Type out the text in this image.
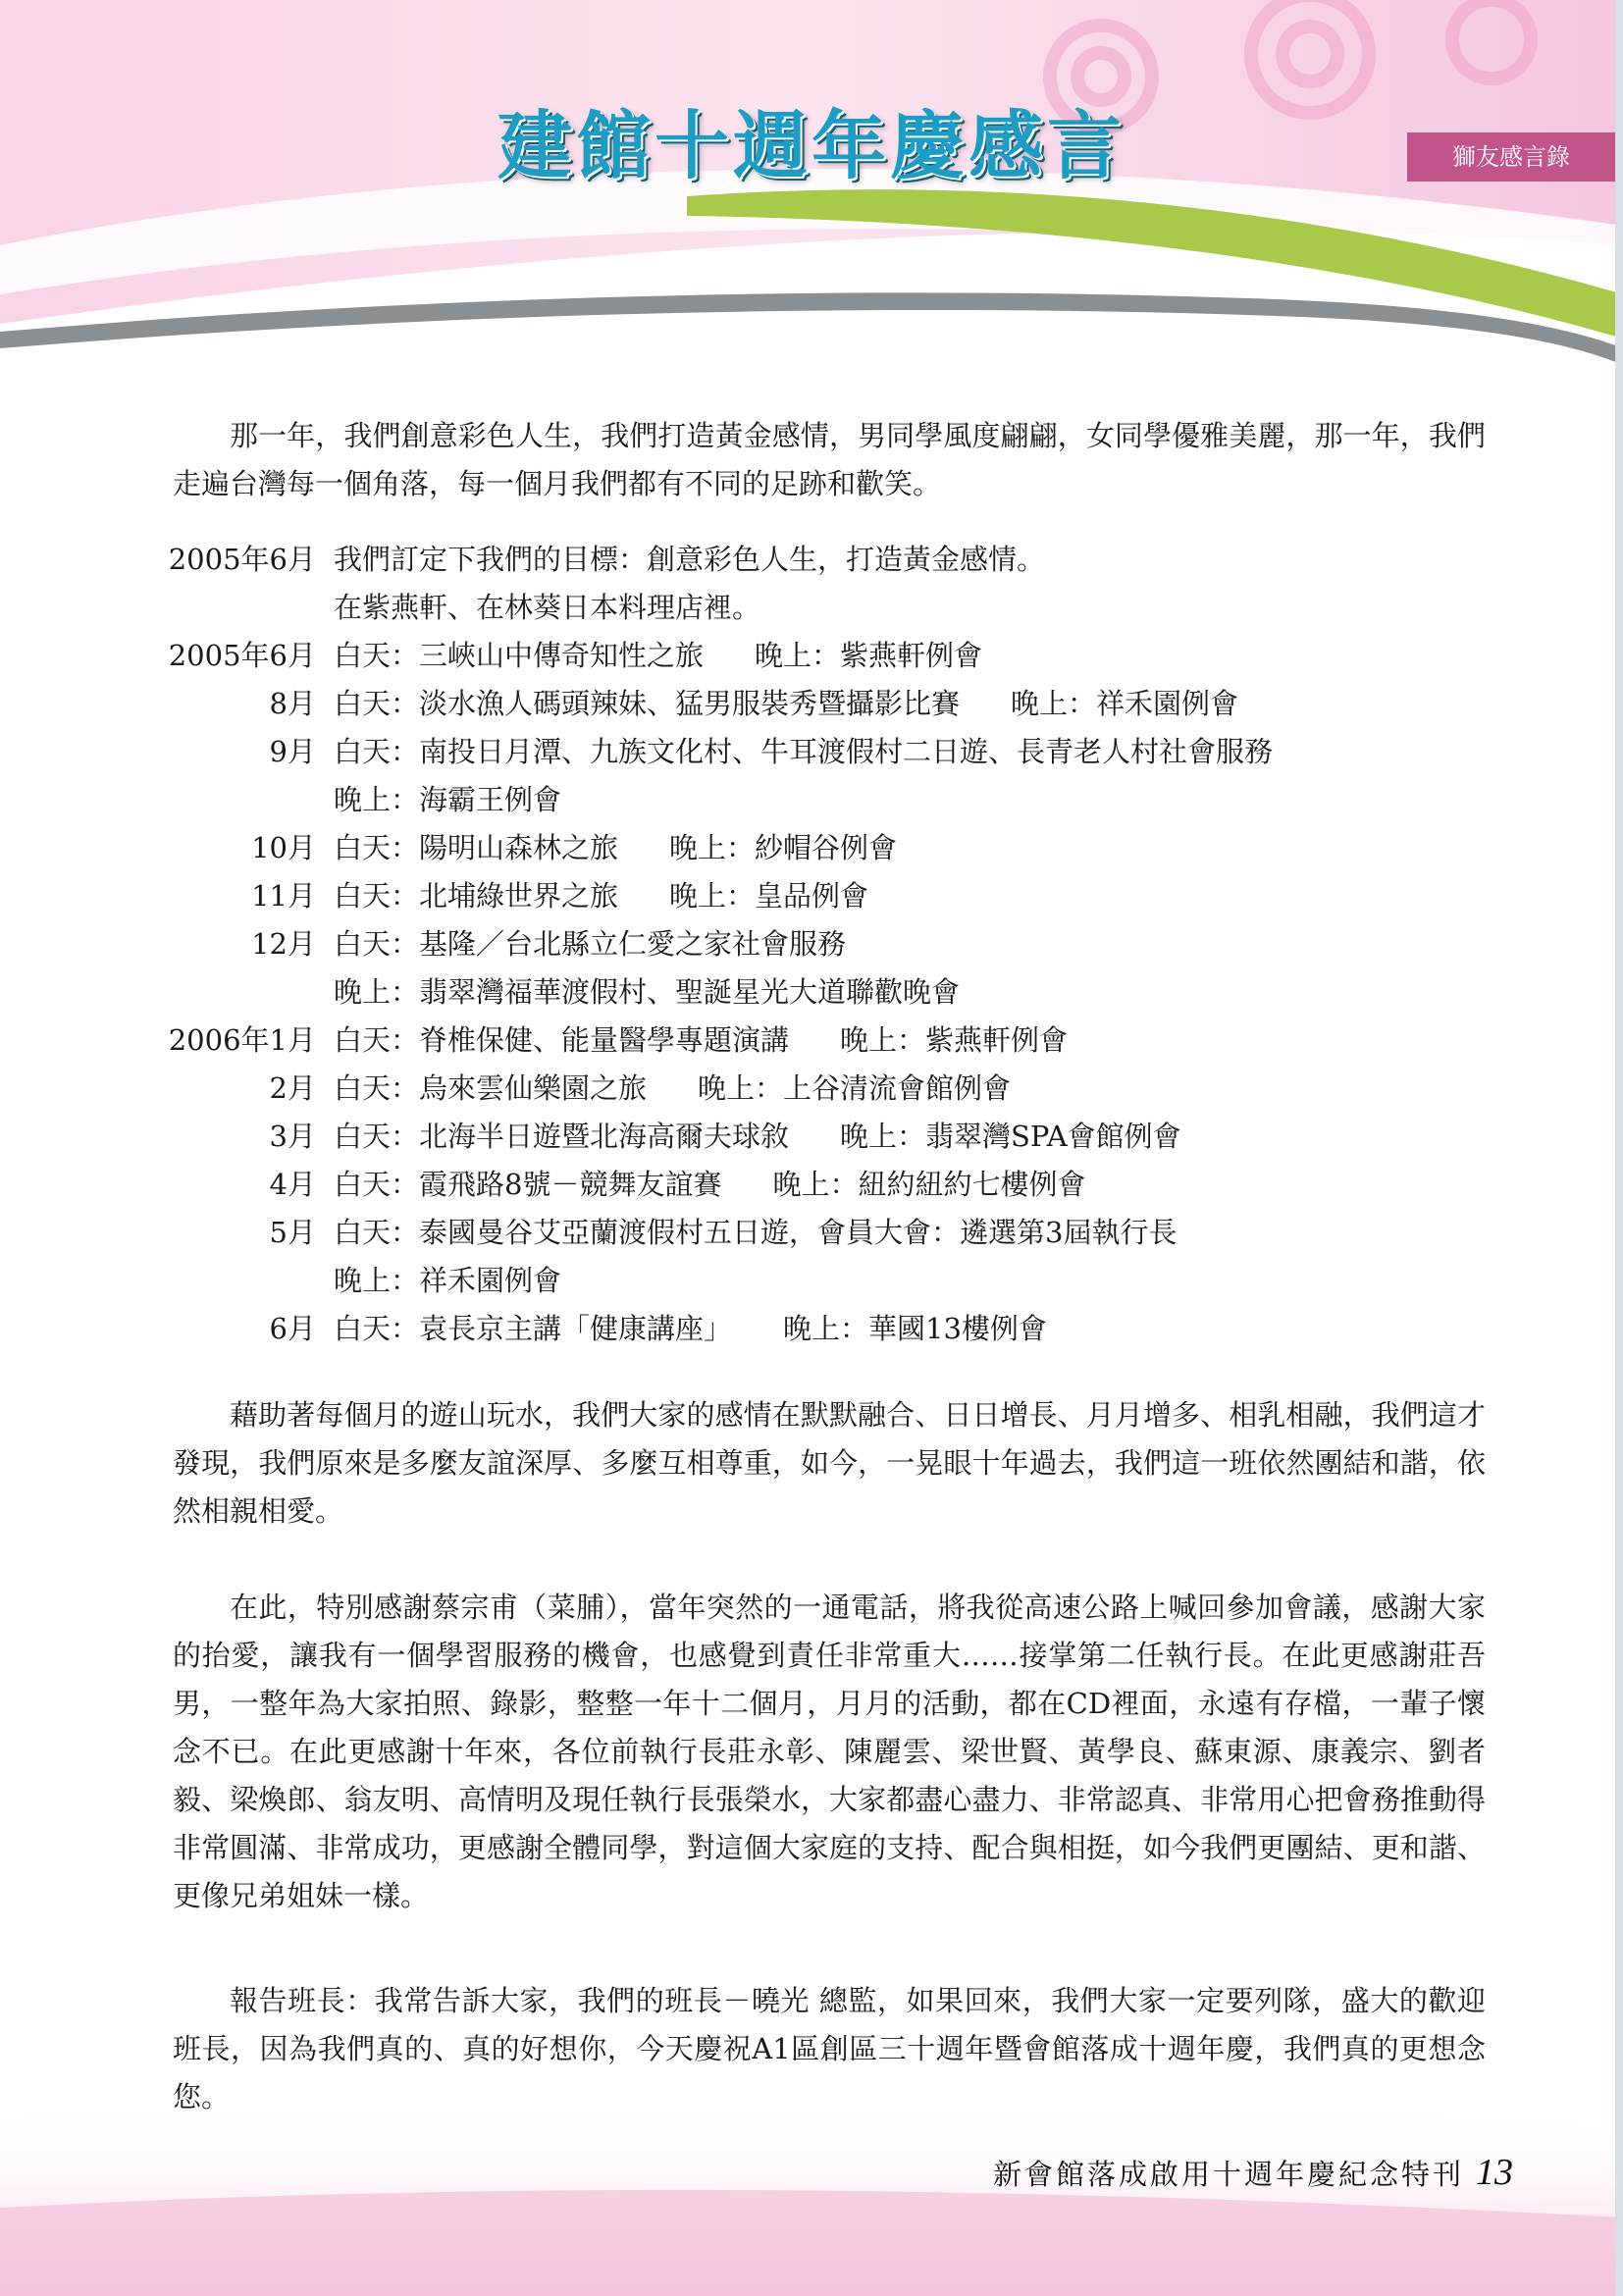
建館十週年慶感言	獅友感言錄

那一年，我們創意彩色人生，我們打造黃金感情，男同學風度翩翩，女同學優雅美麗，那一年，我們走遍台灣每一個角落，每一個月我們都有不同的足跡和歡笑。

2005年6月 我們訂定下我們的目標：創意彩色人生，打造黃金感情。
在紫燕軒、在林葵日本料理店裡。
2005年6月 白天：三峽山中傳奇知性之旅 晚上：紫燕軒例會
8月 白天：淡水漁人碼頭辣妹、猛男服裝秀暨攝影比賽 晚上：祥禾園例會
9月 白天：南投日月潭、九族文化村、牛耳渡假村二日遊、長青老人村社會服務
晚上：海霸王例會
10月 白天：陽明山森林之旅 晚上：紗帽谷例會
11月 白天：北埔綠世界之旅 晚上：皇品例會
12月 白天：基隆／台北縣立仁愛之家社會服務
晚上：翡翠灣福華渡假村、聖誕星光大道聯歡晚會
2006年1月 白天：脊椎保健、能量醫學專題演講 晚上：紫燕軒例會
2月 白天：烏來雲仙樂園之旅 晚上：上谷清流會館例會
3月 白天：北海半日遊暨北海高爾夫球敘 晚上：翡翠灣SPA會館例會
4月 白天：霞飛路8號－競舞友誼賽 晚上：紐約紐約七樓例會
5月 白天：泰國曼谷艾亞蘭渡假村五日遊，會員大會：遴選第3屆執行長
晚上：祥禾園例會
6月 白天：袁長京主講「健康講座」 晚上：華國13樓例會

藉助著每個月的遊山玩水，我們大家的感情在默默融合、日日增長、月月增多、相乳相融，我們這才發現，我們原來是多麼友誼深厚、多麼互相尊重，如今，一晃眼十年過去，我們這一班依然團結和諧，依然相親相愛。

在此，特別感謝蔡宗甫（菜脯），當年突然的一通電話，將我從高速公路上喊回參加會議，感謝大家的抬愛，讓我有一個學習服務的機會，也感覺到責任非常重大……接掌第二任執行長。在此更感謝莊吾男，一整年為大家拍照、錄影，整整一年十二個月，月月的活動，都在CD裡面，永遠有存檔，一輩子懷念不已。在此更感謝十年來，各位前執行長莊永彰、陳麗雲、梁世賢、黃學良、蘇東源、康義宗、劉者毅、梁煥郎、翁友明、高情明及現任執行長張榮水，大家都盡心盡力、非常認真、非常用心把會務推動得非常圓滿、非常成功，更感謝全體同學，對這個大家庭的支持、配合與相挺，如今我們更團結、更和諧、更像兄弟姐妹一樣。

報告班長：我常告訴大家，我們的班長－曉光 總監，如果回來，我們大家一定要列隊，盛大的歡迎班長，因為我們真的、真的好想你，今天慶祝A1區創區三十週年暨會館落成十週年慶，我們真的更想念您。

新會館落成啟用十週年慶紀念特刊 13
